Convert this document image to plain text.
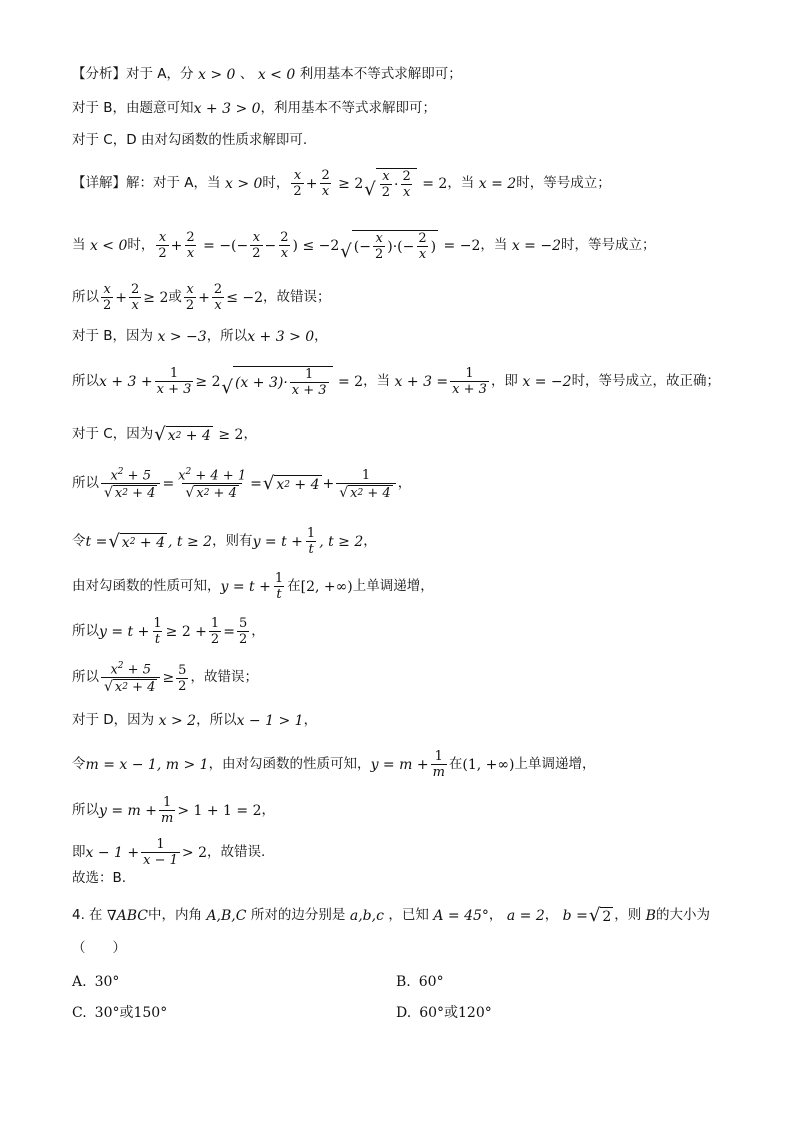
【分析】 对于 A，分 x > 0 、 x < 0 利用基本不等式求解即可；
对于 B，由题意可知 x + 3 > 0 ，利用基本不等式求解即可；
对于 C，D 由对勾函数的性质求解即可.
【详解】 解：对于 A，当 x > 0 时， $\frac{x}{2} + \frac{2}{x} \ge 2$ √ $\frac{x}{2} \cdot \frac{2}{x} = 2$ ，当 x = 2 时，等号成立；
当 x < 0 时， $\frac{x}{2} + \frac{2}{x}$ = −(− $\frac{x}{2} - \frac{2}{x}$ ) ≤ −2 √ (− $\frac{x}{2}$ )·(− $\frac{2}{x}$ ) = −2 ，当 x = −2 时，等号成立；
所以 $\frac{x}{2} + \frac{2}{x} \ge 2$ 或 $\frac{x}{2} + \frac{2}{x} \le -2$ ，故错误；
对于 B，因为 x > −3 ，所以 x + 3 > 0 ，
所以 $x + 3 + \frac{1}{x + 3} \ge 2$ √ $(x + 3)\cdot \frac{1}{x + 3} = 2$ ，当 $x + 3 = \frac{1}{x + 3}$ ，即 x = −2 时，等号成立，故正确；
对于 C，因为 √ x 2 + 4 ≥ 2 ，
所以 $\frac{x^2 + 5}{√ x 2 + 4} = \frac{x^2 + 4 + 1}{√ x 2 + 4}$ = √ x $2 + 4 + \frac{1}{√ x 2 + 4}$ ，
令 t = √ x 2 + 4 , t ≥ 2 ，则有 $y = t + \frac{1}{t}$ , t ≥ 2 ，
由对勾函数的性质可知， $y = t + \frac{1}{t}$ 在 [2, +∞) 上单调递增，
所以 $y = t + \frac{1}{t} \ge 2 + \frac{1}{2} = \frac{5}{2}$ ，
所以 $\frac{x^2 + 5}{√ x 2 + 4} \ge \frac{5}{2}$ ，故错误；
对于 D，因为 x > 2 ，所以 x − 1 > 1 ，
令 m = x − 1, m > 1 ，由对勾函数的性质可知， $y = m + \frac{1}{m}$ 在 (1, +∞) 上单调递增，
所以 $y = m + \frac{1}{m} > 1 + 1 = 2$ ，
即 $x - 1 + \frac{1}{x - 1} > 2$ ，故错误.
故选：B.
4. 在 ∇ABC 中，内角 A,B,C 所对的边分别是 a,b,c ，已知 A = 45° ， a = 2 ， b = √ 2 ，则 B 的大小为
（　　）
A. 30°	B. 60°
C. 30°或150°	D. 60°或120°
